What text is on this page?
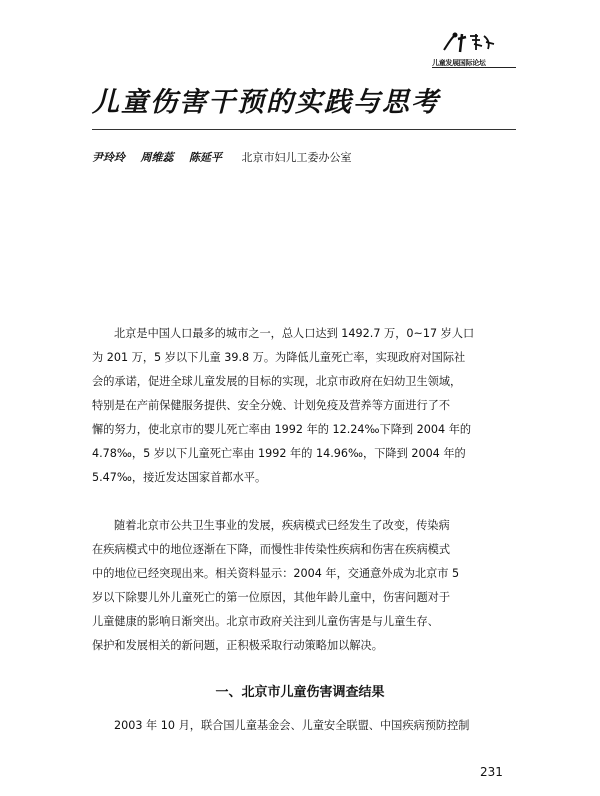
儿童发展国际论坛
儿童伤害干预的实践与思考
尹玲玲 周维蕊 陈延平 北京市妇儿工委办公室
北京是中国人口最多的城市之一，总人口达到 1492.7 万，0~17 岁人口
为 201 万，5 岁以下儿童 39.8 万。为降低儿童死亡率，实现政府对国际社
会的承诺，促进全球儿童发展的目标的实现，北京市政府在妇幼卫生领域，
特别是在产前保健服务提供、安全分娩、计划免疫及营养等方面进行了不
懈的努力，使北京市的婴儿死亡率由 1992 年的 12.24‰下降到 2004 年的
4.78‰，5 岁以下儿童死亡率由 1992 年的 14.96‰，下降到 2004 年的
5.47‰，接近发达国家首都水平。
随着北京市公共卫生事业的发展，疾病模式已经发生了改变，传染病
在疾病模式中的地位逐渐在下降，而慢性非传染性疾病和伤害在疾病模式
中的地位已经突现出来。相关资料显示：2004 年，交通意外成为北京市 5
岁以下除婴儿外儿童死亡的第一位原因，其他年龄儿童中，伤害问题对于
儿童健康的影响日渐突出。北京市政府关注到儿童伤害是与儿童生存、
保护和发展相关的新问题，正积极采取行动策略加以解决。
一、北京市儿童伤害调查结果
2003 年 10 月，联合国儿童基金会、儿童安全联盟、中国疾病预防控制
231
